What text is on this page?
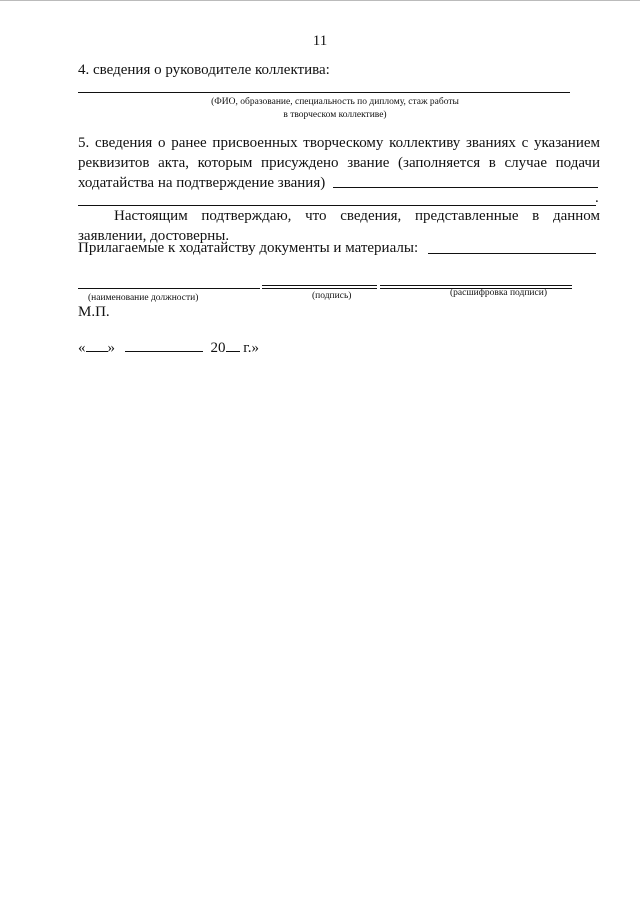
11
4. сведения о руководителе коллектива:
(ФИО, образование, специальность по диплому, стаж работы
в творческом коллективе)
5. сведения о ранее присвоенных творческому коллективу званиях с указанием
реквизитов акта, которым присуждено звание (заполняется в случае подачи
ходатайства на подтверждение звания)
.
Настоящим подтверждаю, что сведения, представленные в данном
заявлении, достоверны.
Прилагаемые к ходатайству документы и материалы:
(наименование должности)	(подпись)	(расшифровка подписи)
М.П.
« »	20 г.»
